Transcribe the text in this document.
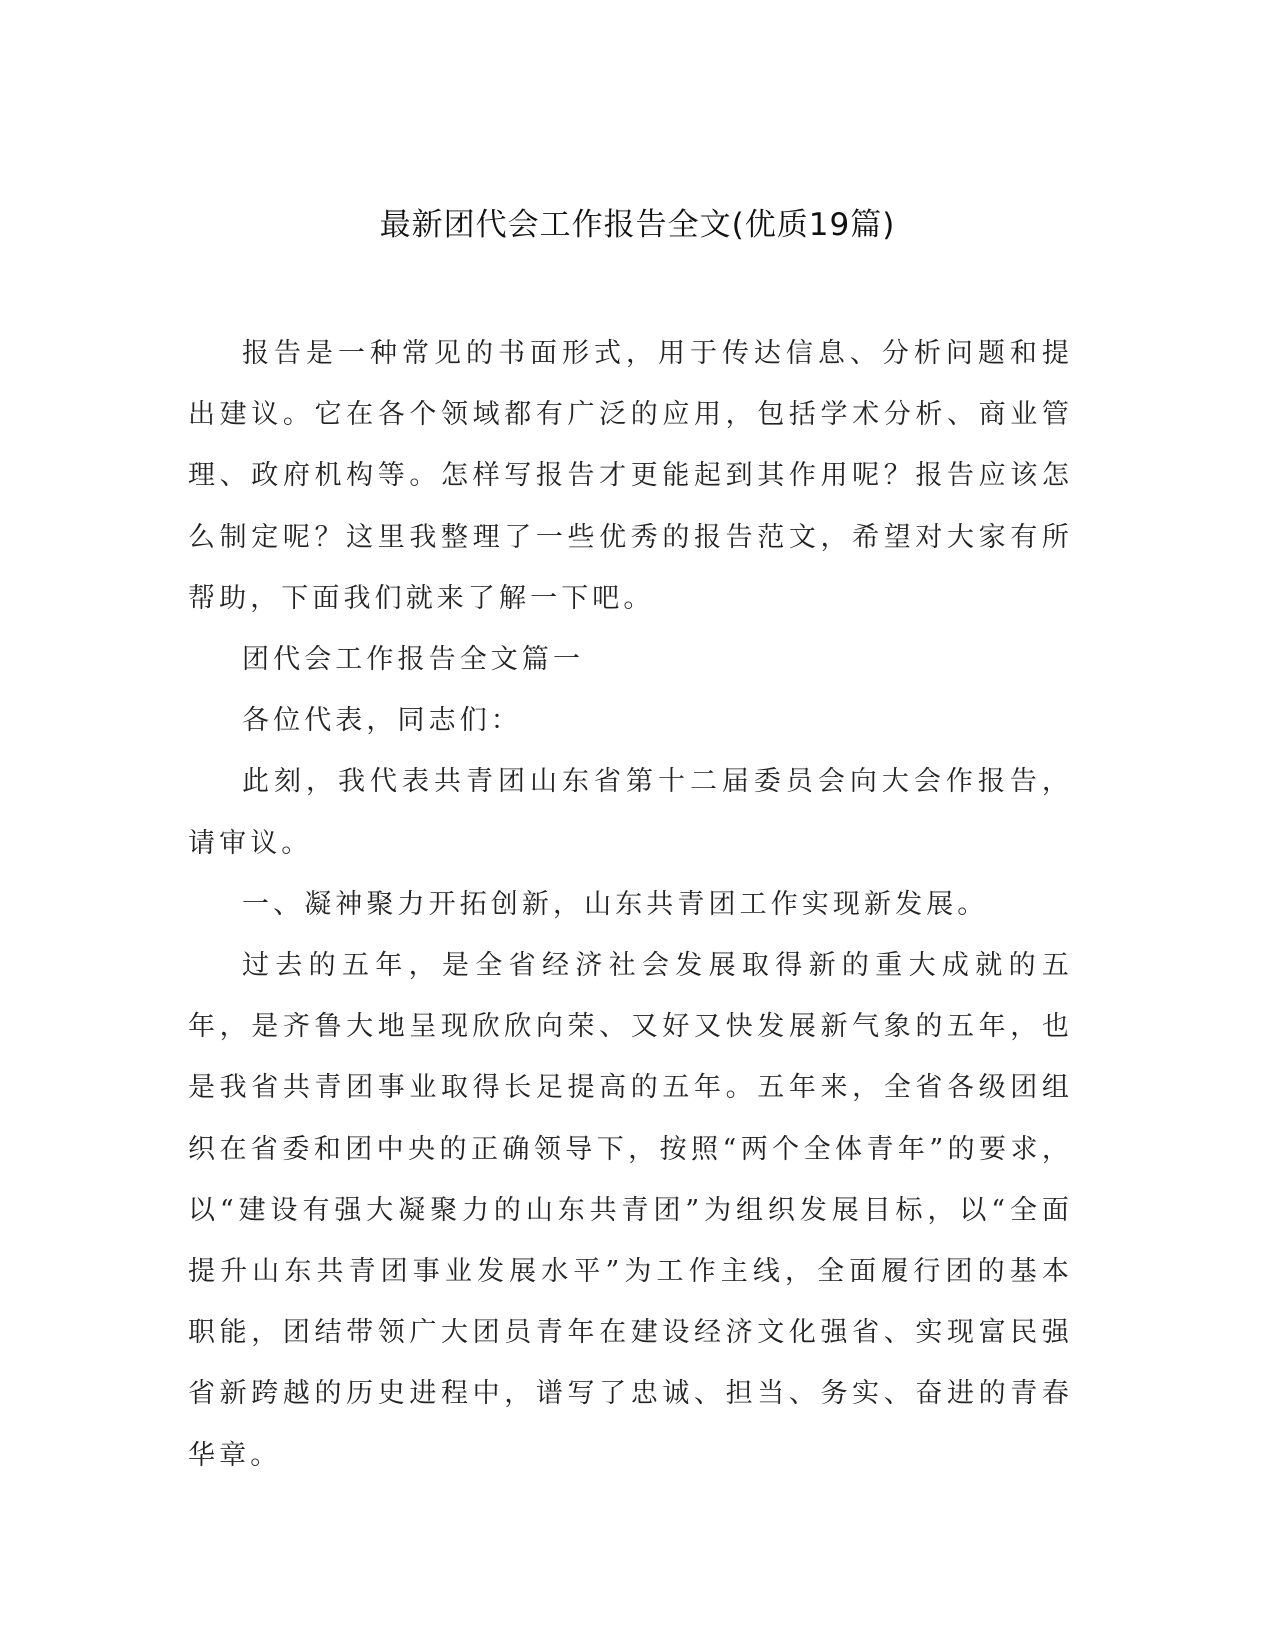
最新团代会工作报告全文(优质19篇)

报告是一种常见的书面形式，用于传达信息、分析问题和提出建议。它在各个领域都有广泛的应用，包括学术分析、商业管理、政府机构等。怎样写报告才更能起到其作用呢？报告应该怎么制定呢？这里我整理了一些优秀的报告范文，希望对大家有所帮助，下面我们就来了解一下吧。

团代会工作报告全文篇一

各位代表，同志们：

此刻，我代表共青团山东省第十二届委员会向大会作报告，请审议。

一、凝神聚力开拓创新，山东共青团工作实现新发展。

过去的五年，是全省经济社会发展取得新的重大成就的五年，是齐鲁大地呈现欣欣向荣、又好又快发展新气象的五年，也是我省共青团事业取得长足提高的五年。五年来，全省各级团组织在省委和团中央的正确领导下，按照“两个全体青年”的要求，以“建设有强大凝聚力的山东共青团”为组织发展目标，以“全面提升山东共青团事业发展水平”为工作主线，全面履行团的基本职能，团结带领广大团员青年在建设经济文化强省、实现富民强省新跨越的历史进程中，谱写了忠诚、担当、务实、奋进的青春华章。
